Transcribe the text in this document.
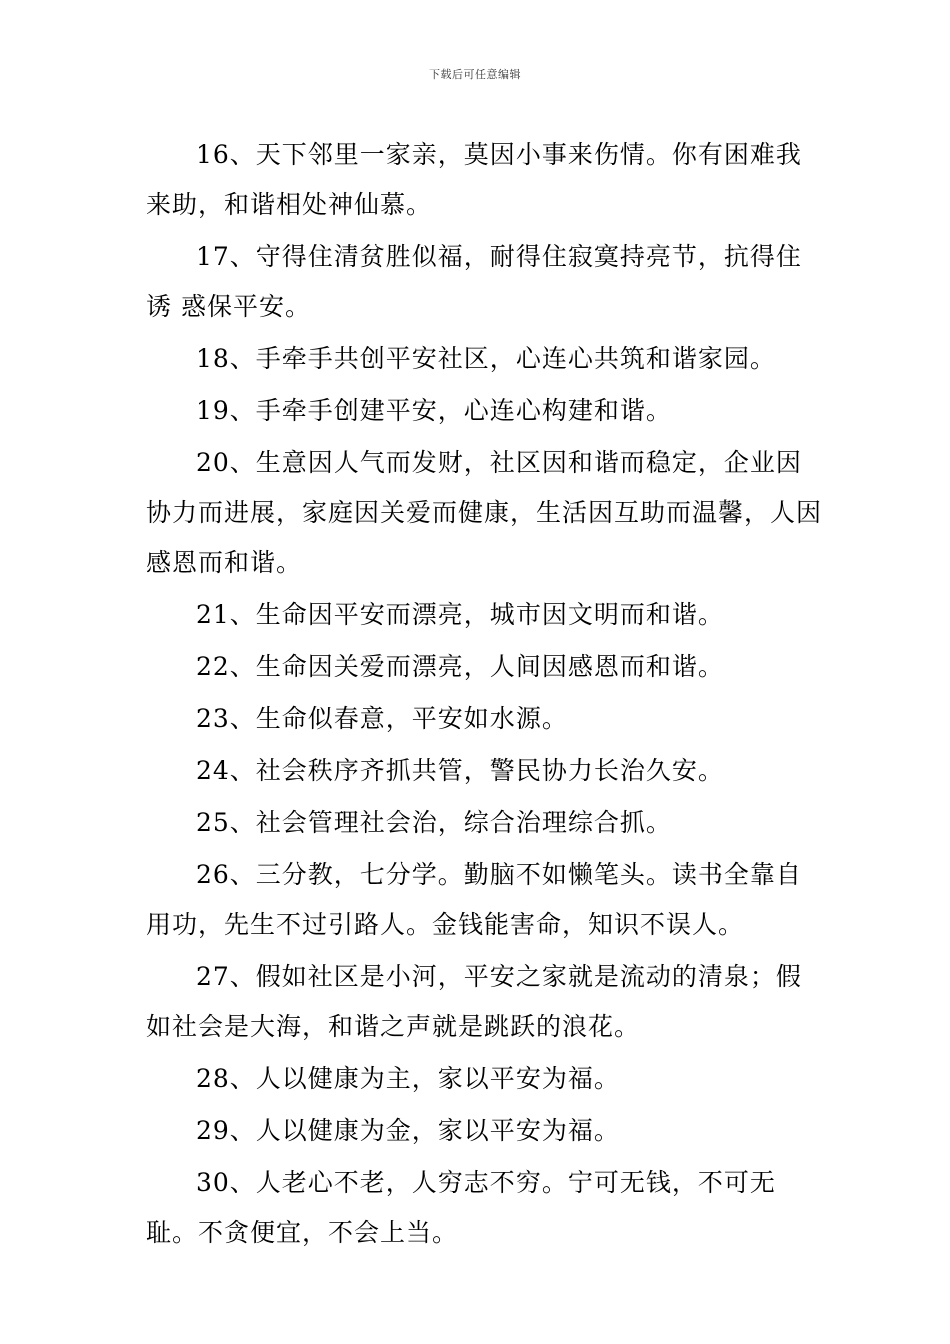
下载后可任意编辑

16、天下邻里一家亲，莫因小事来伤情。你有困难我来助，和谐相处神仙慕。

17、守得住清贫胜似福，耐得住寂寞持亮节，抗得住诱 惑保平安。

18、手牵手共创平安社区，心连心共筑和谐家园。

19、手牵手创建平安，心连心构建和谐。

20、生意因人气而发财，社区因和谐而稳定，企业因协力而进展，家庭因关爱而健康，生活因互助而温馨，人因感恩而和谐。

21、生命因平安而漂亮，城市因文明而和谐。

22、生命因关爱而漂亮，人间因感恩而和谐。

23、生命似春意，平安如水源。

24、社会秩序齐抓共管，警民协力长治久安。

25、社会管理社会治，综合治理综合抓。

26、三分教，七分学。勤脑不如懒笔头。读书全靠自用功，先生不过引路人。金钱能害命，知识不误人。

27、假如社区是小河，平安之家就是流动的清泉；假如社会是大海，和谐之声就是跳跃的浪花。

28、人以健康为主，家以平安为福。

29、人以健康为金，家以平安为福。

30、人老心不老，人穷志不穷。宁可无钱，不可无耻。不贪便宜，不会上当。
